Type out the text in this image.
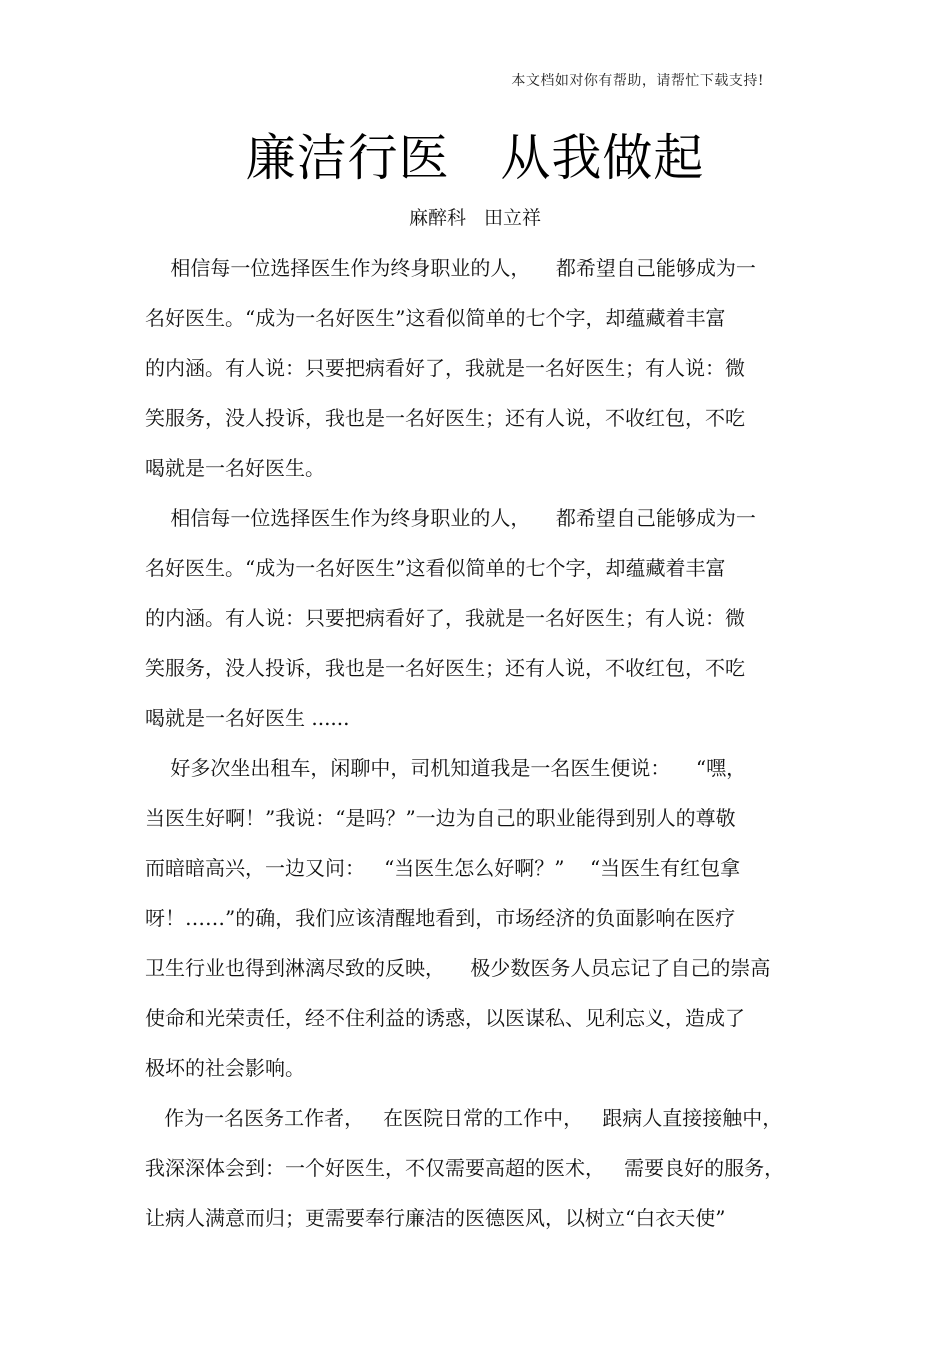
本文档如对你有帮助，请帮忙下载支持!
廉洁行医   从我做起
麻醉科   田立祥
相信每一位选择医生作为终身职业的人，    都希望自己能够成为一
名好医生。“成为一名好医生”这看似简单的七个字，却蕴藏着丰富
的内涵。有人说：只要把病看好了，我就是一名好医生；有人说：微
笑服务，没人投诉，我也是一名好医生；还有人说，不收红包，不吃
喝就是一名好医生。
相信每一位选择医生作为终身职业的人，    都希望自己能够成为一
名好医生。“成为一名好医生”这看似简单的七个字，却蕴藏着丰富
的内涵。有人说：只要把病看好了，我就是一名好医生；有人说：微
笑服务，没人投诉，我也是一名好医生；还有人说，不收红包，不吃
喝就是一名好医生 ......
好多次坐出租车，闲聊中，司机知道我是一名医生便说：    “嘿，
当医生好啊！”我说：“是吗？”一边为自己的职业能得到别人的尊敬
而暗暗高兴，一边又问：   “当医生怎么好啊？”    “当医生有红包拿
呀！……”的确，我们应该清醒地看到，市场经济的负面影响在医疗
卫生行业也得到淋漓尽致的反映，    极少数医务人员忘记了自己的崇高
使命和光荣责任，经不住利益的诱惑，以医谋私、见利忘义，造成了
极坏的社会影响。
作为一名医务工作者，   在医院日常的工作中，   跟病人直接接触中，
我深深体会到：一个好医生，不仅需要高超的医术，   需要良好的服务，
让病人满意而归；更需要奉行廉洁的医德医风，以树立“白衣天使”
